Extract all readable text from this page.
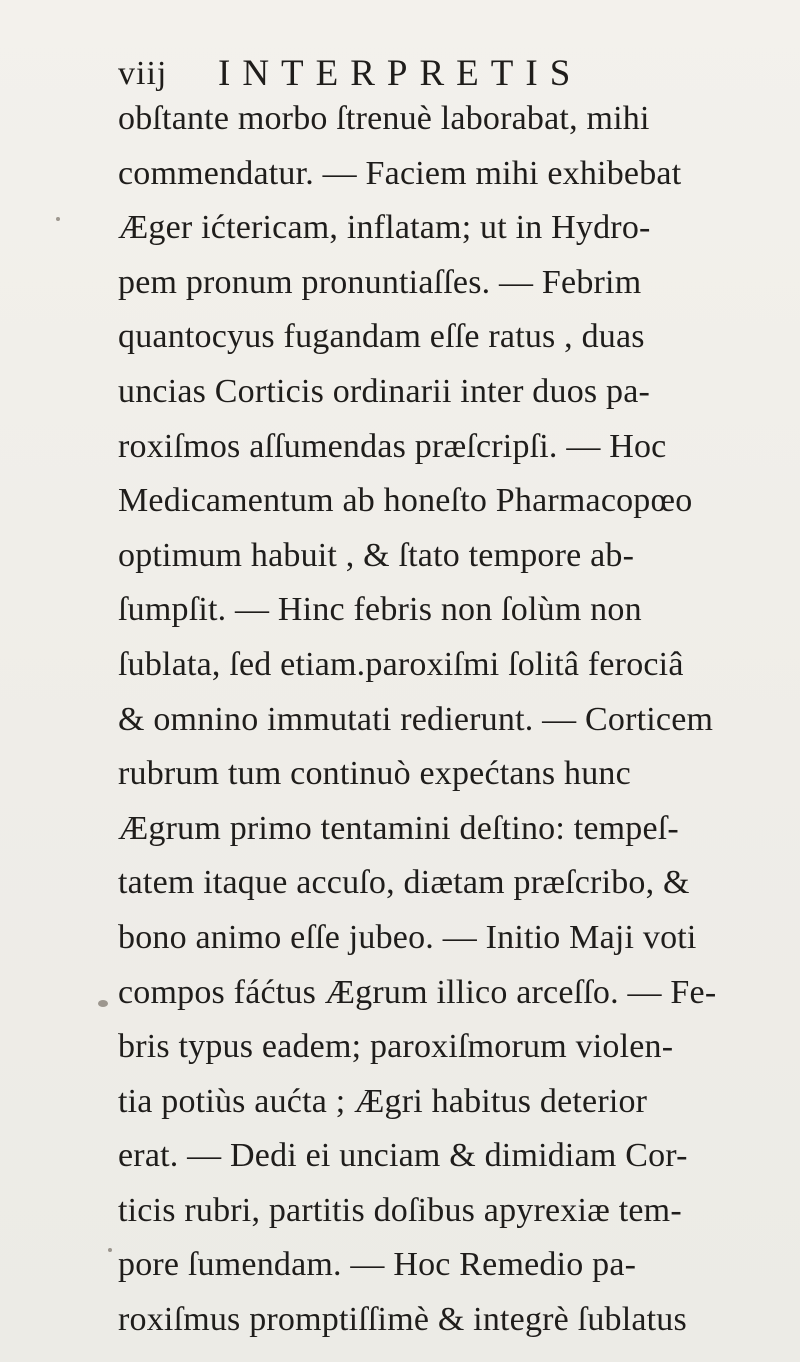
viij INTERPRETIS
obſtante morbo ſtrenuè laborabat, mihi
commendatur. — Faciem mihi exhibebat
Æger ićtericam, inflatam; ut in Hydro-
pem pronum pronuntiaſſes. — Febrim
quantocyus fugandam eſſe ratus , duas
uncias Corticis ordinarii inter duos pa-
roxiſmos aſſumendas præſcripſi. — Hoc
Medicamentum ab honeſto Pharmacopœo
optimum habuit , & ſtato tempore ab-
ſumpſit. — Hinc febris non ſolùm non
ſublata, ſed etiam.paroxiſmi ſolitâ ferociâ
& omnino immutati redierunt. — Corticem
rubrum tum continuò expećtans hunc
Ægrum primo tentamini deſtino: tempeſ-
tatem itaque accuſo, diætam præſcribo, &
bono animo eſſe jubeo. — Initio Maji voti
compos fáćtus Ægrum illico arceſſo. — Fe-
bris typus eadem; paroxiſmorum violen-
tia potiùs aućta ; Ægri habitus deterior
erat. — Dedi ei unciam & dimidiam Cor-
ticis rubri, partitis doſibus apyrexiæ tem-
pore ſumendam. — Hoc Remedio pa-
roxiſmus promptiſſimè & integrè ſublatus
